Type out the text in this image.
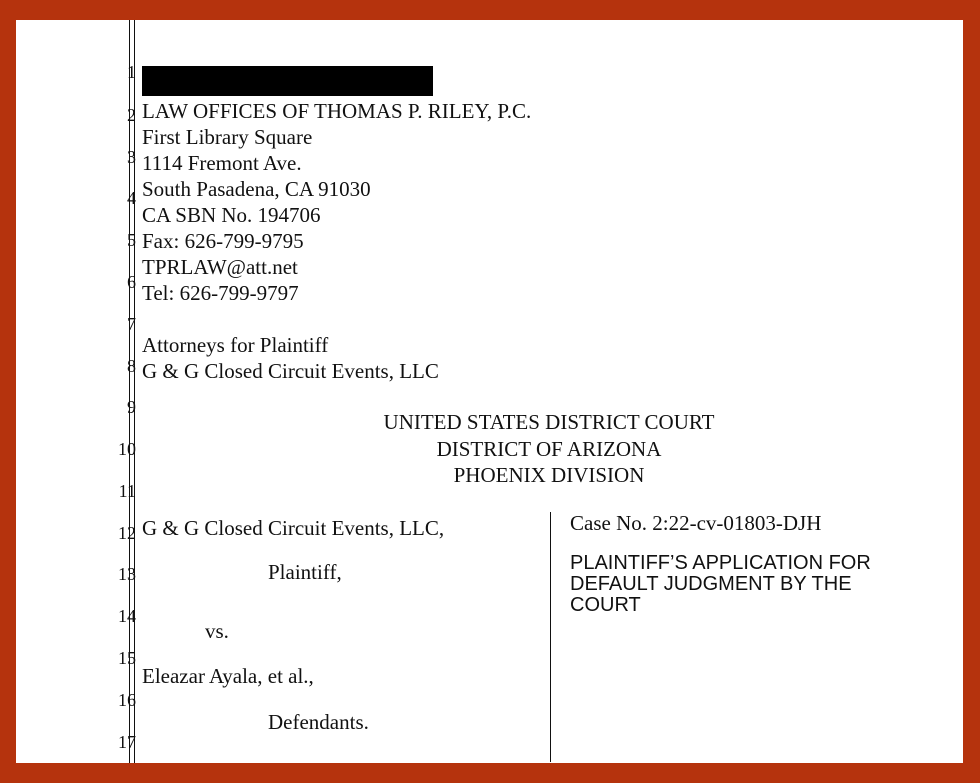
1
2
3
4
5
6
7
8
9
10
11
12
13
14
15
16
17
LAW OFFICES OF THOMAS P. RILEY, P.C.
First Library Square
1114 Fremont Ave.
South Pasadena, CA 91030
CA SBN No. 194706
Fax: 626-799-9795
TPRLAW@att.net
Tel: 626-799-9797
Attorneys for Plaintiff
G & G Closed Circuit Events, LLC
UNITED STATES DISTRICT COURT
DISTRICT OF ARIZONA
PHOENIX DIVISION
G & G Closed Circuit Events, LLC,
Plaintiff,
vs.
Eleazar Ayala, et al.,
Defendants.
Case No. 2:22-cv-01803-DJH
PLAINTIFF’S APPLICATION FOR
DEFAULT JUDGMENT BY THE
COURT
